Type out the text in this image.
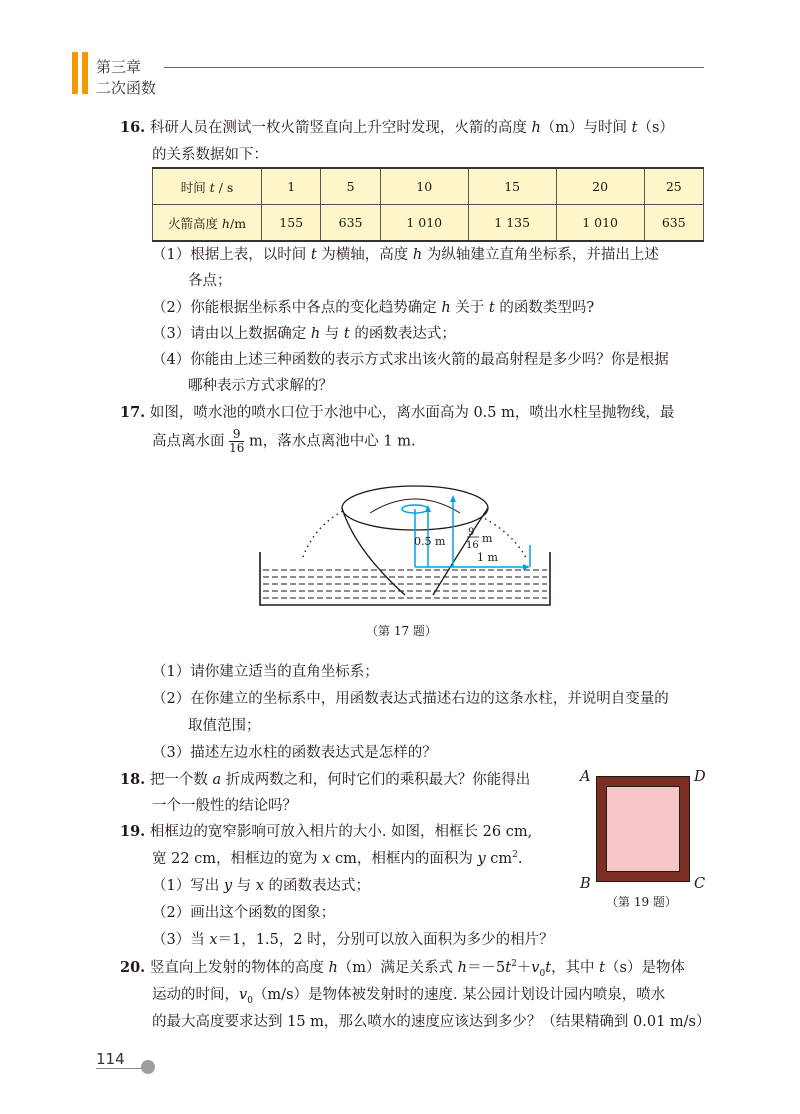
第三章
二次函数
16. 科研人员在测试一枚火箭竖直向上升空时发现，火箭的高度 h（m）与时间 t（s）
的关系数据如下：
时间 t / s	1	5	10	15	20	25
火箭高度 h/m	155	635	1 010	1 135	1 010	635
（1）根据上表，以时间 t 为横轴，高度 h 为纵轴建立直角坐标系，并描出上述
各点；
（2）你能根据坐标系中各点的变化趋势确定 h 关于 t 的函数类型吗?
（3）请由以上数据确定 h 与 t 的函数表达式；
（4）你能由上述三种函数的表示方式求出该火箭的最高射程是多少吗？你是根据
哪种表示方式求解的？
17. 如图，喷水池的喷水口位于水池中心，离水面高为 0.5 m，喷出水柱呈抛物线，最
高点离水面 $\frac{9}{16}$ m，落水点离池中心 1 m.
0.5 m
9
16
m
1 m
（第 17 题）
（1）请你建立适当的直角坐标系；
（2）在你建立的坐标系中，用函数表达式描述右边的这条水柱，并说明自变量的
取值范围；
（3）描述左边水柱的函数表达式是怎样的？
18. 把一个数 a 折成两数之和，何时它们的乘积最大？你能得出
一个一般性的结论吗？
19. 相框边的宽窄影响可放入相片的大小. 如图，相框长 26 cm,
宽 22 cm，相框边的宽为 x cm，相框内的面积为 y $cm^2$.
（1）写出 y 与 x 的函数表达式；
（2）画出这个函数的图象；
（3）当 x＝1，1.5，2 时，分别可以放入面积为多少的相片？
A	D
B	C
（第 19 题）
20. 竖直向上发射的物体的高度 h（m）满足关系式 $h=-5t^2+v_0t$，其中 t（s）是物体
运动的时间，$v_0(m/s)$是物体被发射时的速度. 某公园计划设计园内喷泉，喷水
的最大高度要求达到 15 m，那么喷水的速度应该达到多少？（结果精确到 0.01 m/s）
114
